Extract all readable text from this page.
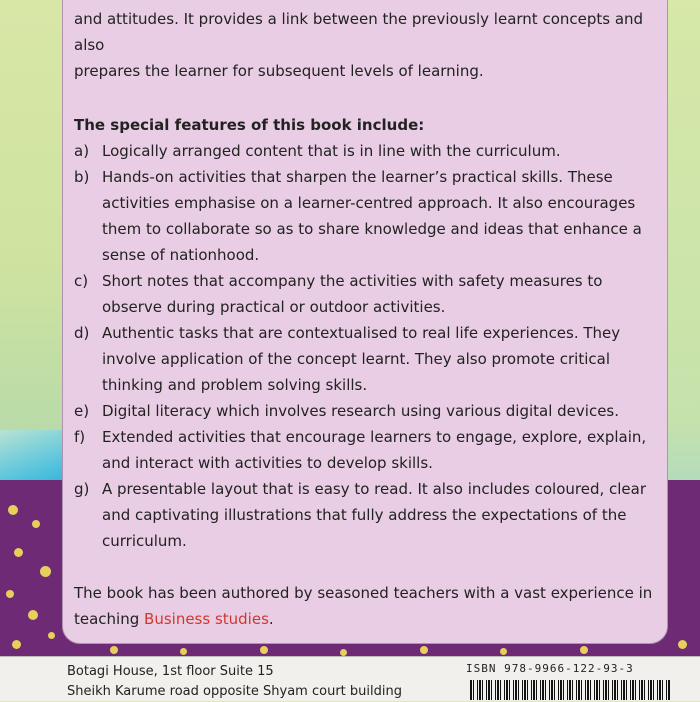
and attitudes. It provides a link between the previously learnt concepts and also

prepares the learner for subsequent levels of learning.

The special features of this book include:
a) Logically arranged content that is in line with the curriculum.
b) Hands-on activities that sharpen the learner’s practical skills. These activities emphasise on a learner-centred approach. It also encourages them to collaborate so as to share knowledge and ideas that enhance a sense of nationhood.
c) Short notes that accompany the activities with safety measures to observe during practical or outdoor activities.
d) Authentic tasks that are contextualised to real life experiences. They involve application of the concept learnt. They also promote critical thinking and problem solving skills.
e) Digital literacy which involves research using various digital devices.
f) Extended activities that encourage learners to engage, explore, explain, and interact with activities to develop skills.
g) A presentable layout that is easy to read. It also includes coloured, clear and captivating illustrations that fully address the expectations of the curriculum.
The book has been authored by seasoned teachers with a vast experience in teaching Business studies.
Botagi House, 1st floor Suite 15
Sheikh Karume road opposite Shyam court building
ISBN 978-9966-122-93-3
